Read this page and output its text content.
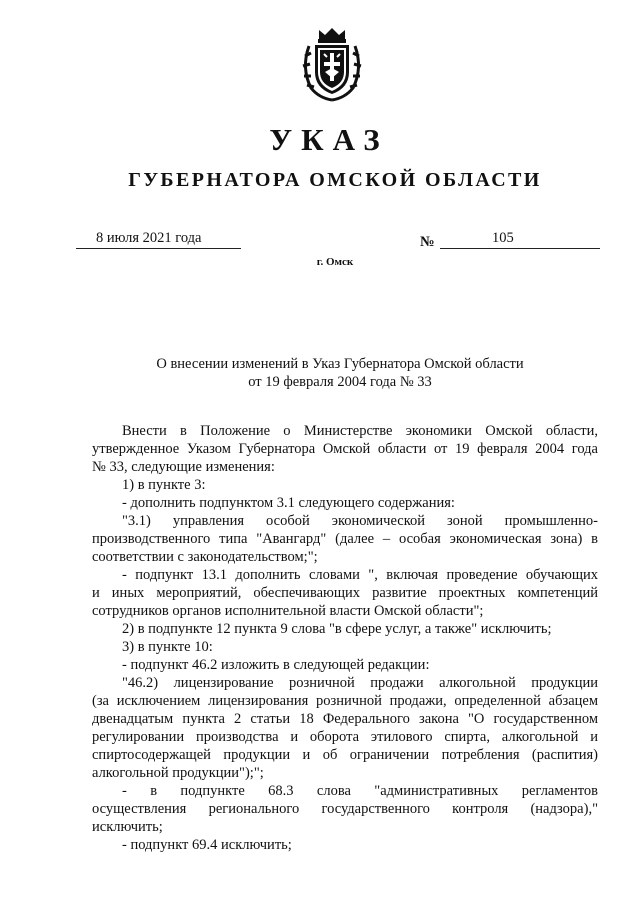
УКАЗ
ГУБЕРНАТОРА ОМСКОЙ ОБЛАСТИ
8 июля 2021 года	№	105
г. Омск
О внесении изменений в Указ Губернатора Омской области
от 19 февраля 2004 года № 33
Внести в Положение о Министерстве экономики Омской области,
утвержденное Указом Губернатора Омской области от 19 февраля 2004 года
№ 33, следующие изменения:
1) в пункте 3:
- дополнить подпунктом 3.1 следующего содержания:
"3.1) управления особой экономической зоной промышленно-
производственного типа "Авангард" (далее – особая экономическая зона) в
соответствии с законодательством;";
- подпункт 13.1 дополнить словами ", включая проведение обучающих
и иных мероприятий, обеспечивающих развитие проектных компетенций
сотрудников органов исполнительной власти Омской области";
2) в подпункте 12 пункта 9 слова "в сфере услуг, а также" исключить;
3) в пункте 10:
- подпункт 46.2 изложить в следующей редакции:
"46.2) лицензирование розничной продажи алкогольной продукции
(за исключением лицензирования розничной продажи, определенной абзацем
двенадцатым пункта 2 статьи 18 Федерального закона "О государственном
регулировании производства и оборота этилового спирта, алкогольной и
спиртосодержащей продукции и об ограничении потребления (распития)
алкогольной продукции");";
- в подпункте 68.3 слова "административных регламентов
осуществления регионального государственного контроля (надзора),"
исключить;
- подпункт 69.4 исключить;
